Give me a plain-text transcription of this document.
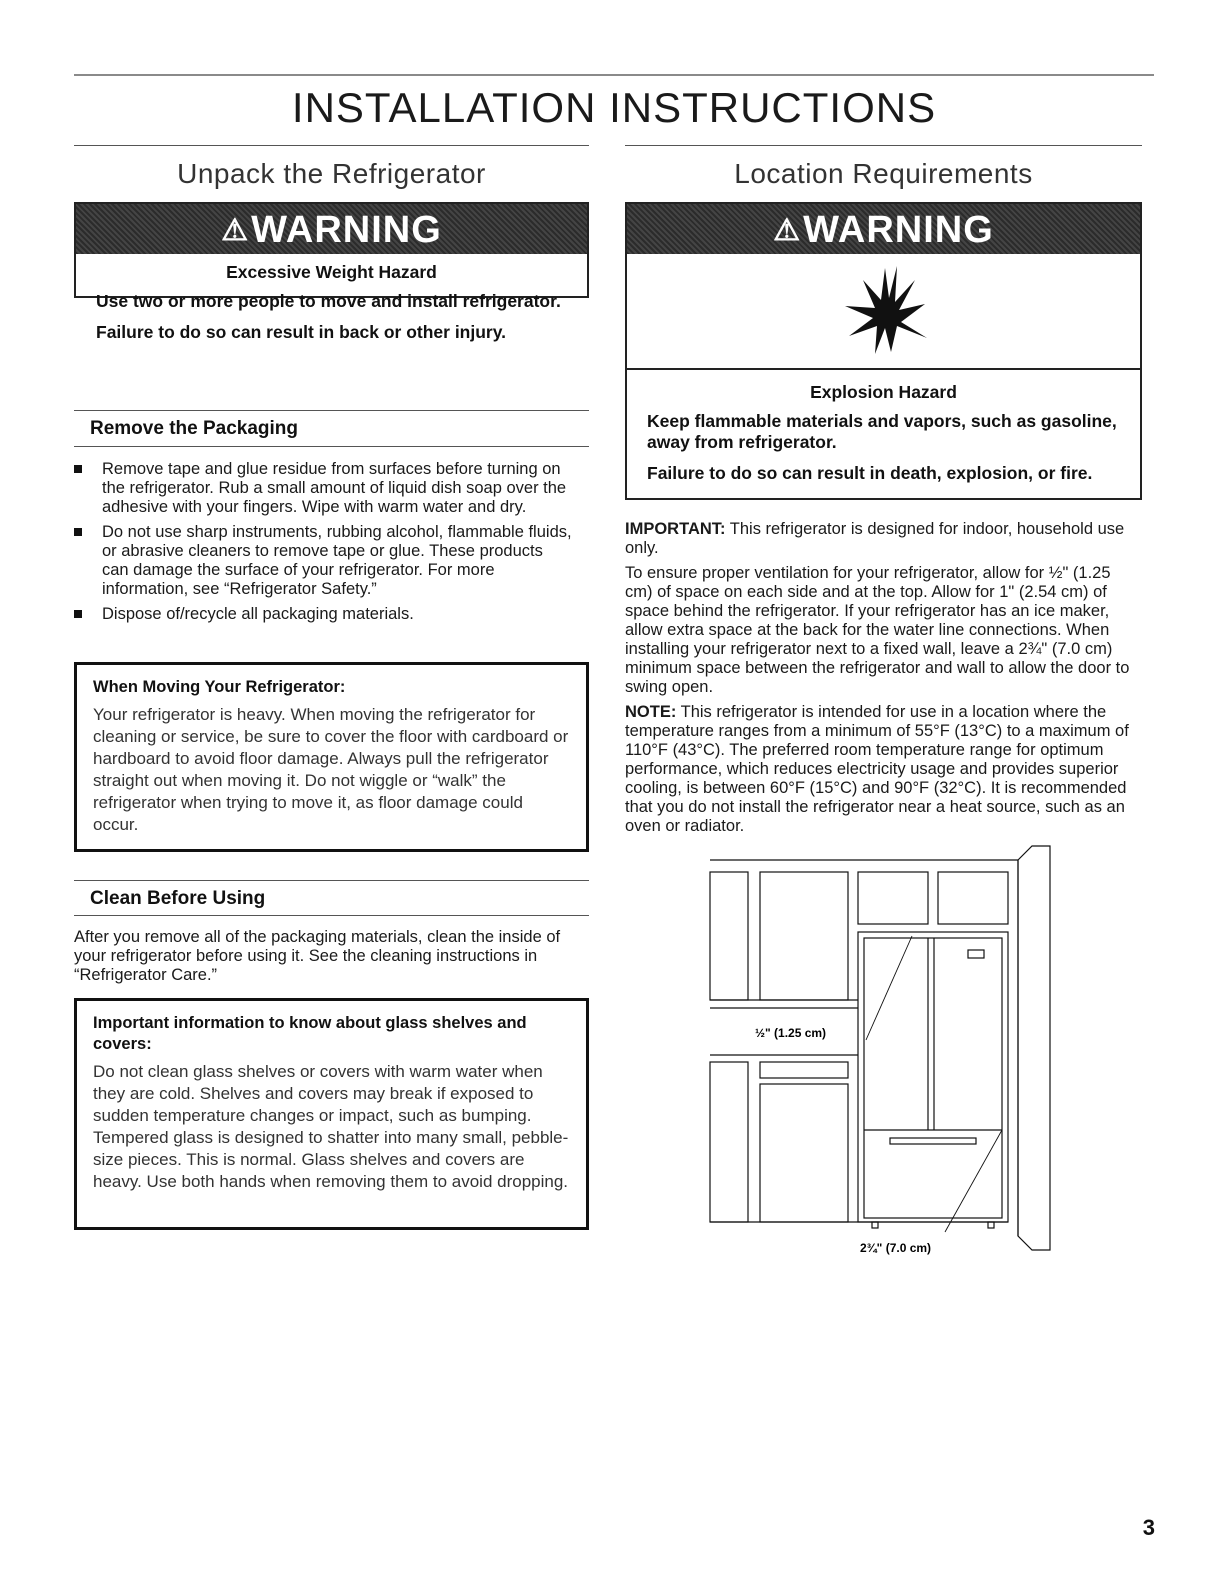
INSTALLATION INSTRUCTIONS
Unpack the Refrigerator
⚠WARNING
Excessive Weight Hazard

Use two or more people to move and install refrigerator.

Failure to do so can result in back or other injury.

Remove the Packaging
Remove tape and glue residue from surfaces before turning on the refrigerator. Rub a small amount of liquid dish soap over the adhesive with your fingers. Wipe with warm water and dry.
Do not use sharp instruments, rubbing alcohol, flammable fluids, or abrasive cleaners to remove tape or glue. These products can damage the surface of your refrigerator. For more information, see “Refrigerator Safety.”
Dispose of/recycle all packaging materials.
When Moving Your Refrigerator:
Your refrigerator is heavy. When moving the refrigerator for cleaning or service, be sure to cover the floor with cardboard or hardboard to avoid floor damage. Always pull the refrigerator straight out when moving it. Do not wiggle or “walk” the refrigerator when trying to move it, as floor damage could occur.
Clean Before Using
After you remove all of the packaging materials, clean the inside of your refrigerator before using it. See the cleaning instructions in “Refrigerator Care.”
Important information to know about glass shelves and covers:
Do not clean glass shelves or covers with warm water when they are cold. Shelves and covers may break if exposed to sudden temperature changes or impact, such as bumping. Tempered glass is designed to shatter into many small, pebble-size pieces. This is normal. Glass shelves and covers are heavy. Use both hands when removing them to avoid dropping.
Location Requirements
⚠WARNING
Explosion Hazard

Keep flammable materials and vapors, such as gasoline, away from refrigerator.

Failure to do so can result in death, explosion, or fire.

IMPORTANT: This refrigerator is designed for indoor, household use only.

To ensure proper ventilation for your refrigerator, allow for ½" (1.25 cm) of space on each side and at the top. Allow for 1" (2.54 cm) of space behind the refrigerator. If your refrigerator has an ice maker, allow extra space at the back for the water line connections. When installing your refrigerator next to a fixed wall, leave a 2¾" (7.0 cm) minimum space between the refrigerator and wall to allow the door to swing open.

NOTE: This refrigerator is intended for use in a location where the temperature ranges from a minimum of 55°F (13°C) to a maximum of 110°F (43°C). The preferred room temperature range for optimum performance, which reduces electricity usage and provides superior cooling, is between 60°F (15°C) and 90°F (32°C). It is recommended that you do not install the refrigerator near a heat source, such as an oven or radiator.

½" (1.25 cm)
2¾" (7.0 cm)
3
